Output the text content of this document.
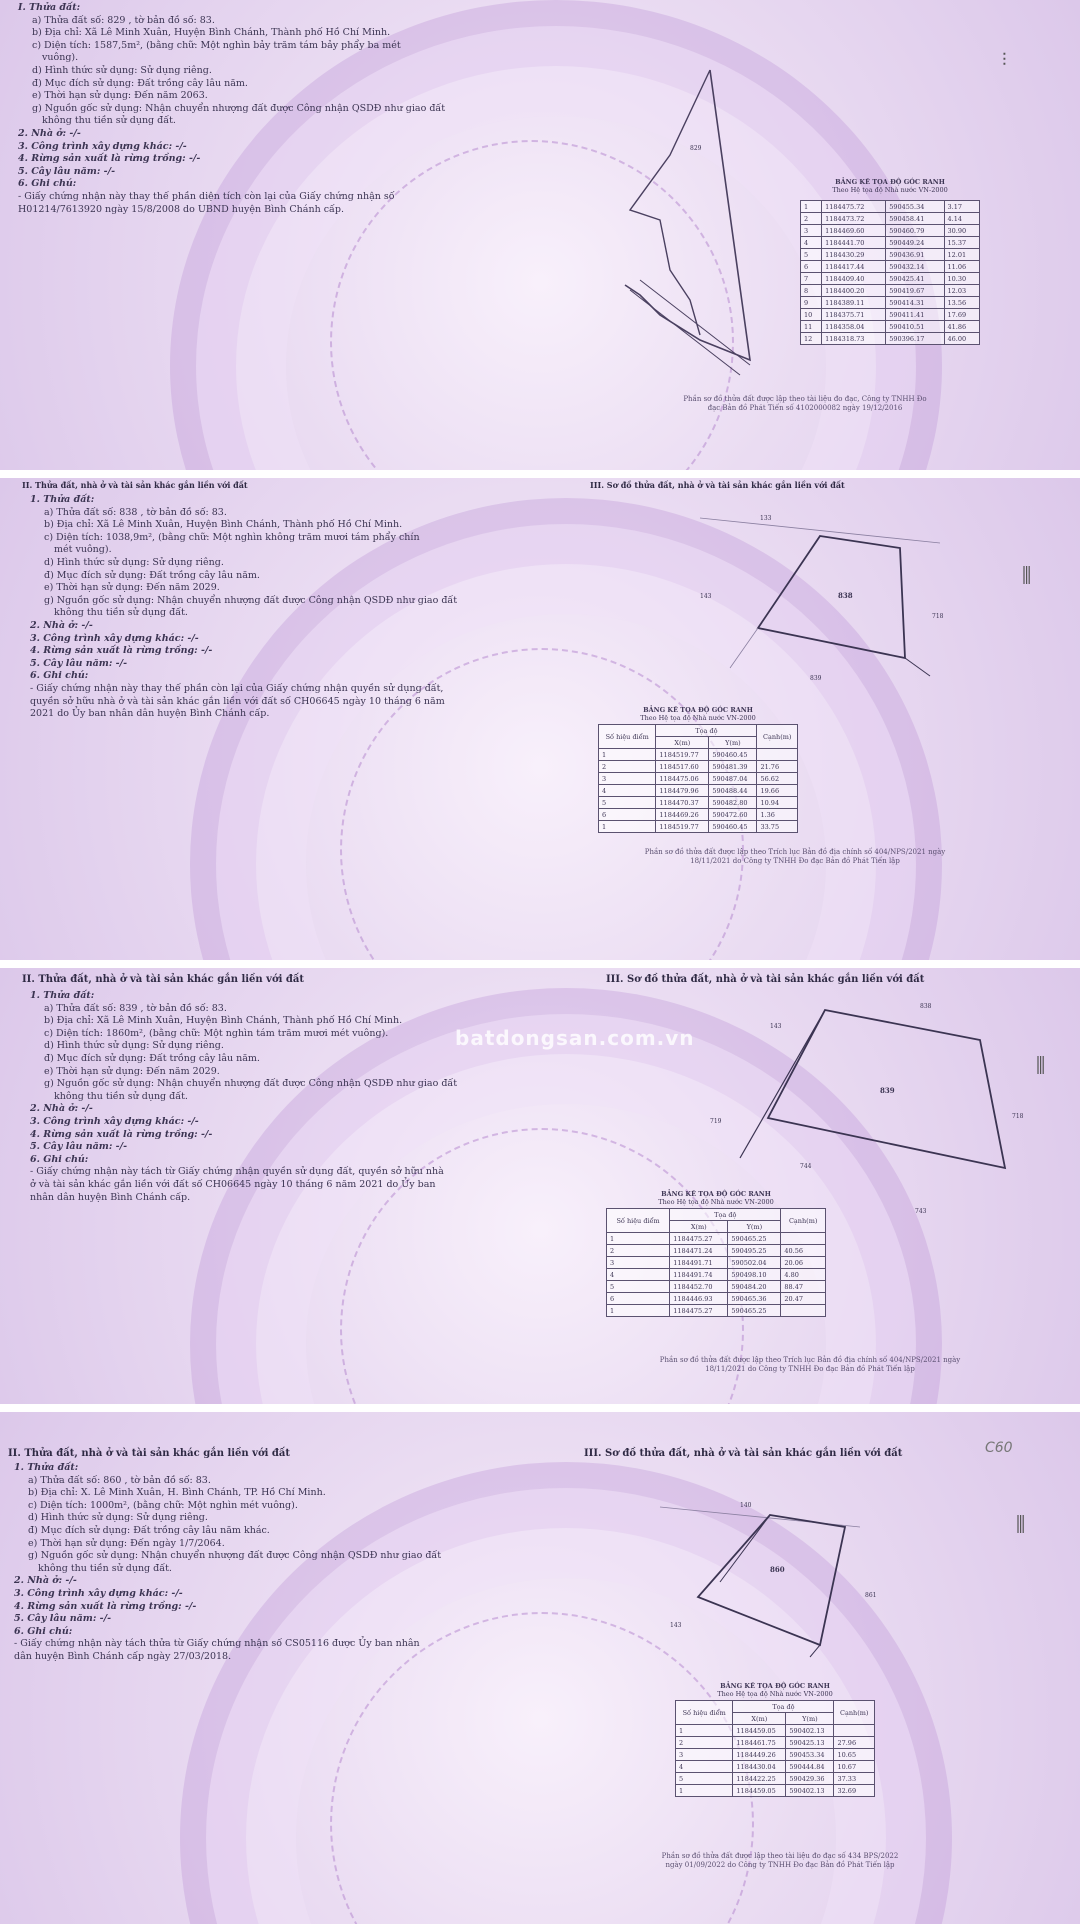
I. Thửa đất:
a) Thửa đất số: 829 , tờ bản đồ số: 83.
b) Địa chỉ: Xã Lê Minh Xuân, Huyện Bình Chánh, Thành phố Hồ Chí Minh.
c) Diện tích: 1587,5m², (bằng chữ: Một nghìn bảy trăm tám bảy phẩy ba mét
vuông).
d) Hình thức sử dụng: Sử dụng riêng.
đ) Mục đích sử dụng: Đất trồng cây lâu năm.
e) Thời hạn sử dụng: Đến năm 2063.
g) Nguồn gốc sử dụng: Nhận chuyển nhượng đất được Công nhận QSDĐ như giao đất
không thu tiền sử dụng đất.
2. Nhà ở: -/-
3. Công trình xây dựng khác: -/-
4. Rừng sản xuất là rừng trồng: -/-
5. Cây lâu năm: -/-
6. Ghi chú:
- Giấy chứng nhận này thay thế phần diện tích còn lại của Giấy chứng nhận số
H01214/7613920 ngày 15/8/2008 do UBND huyện Bình Chánh cấp.
829
BẢNG KÊ TỌA ĐỘ GÓC RANH
Theo Hệ tọa độ Nhà nước VN-2000
1	1184475.72	590455.34	3.17
2	1184473.72	590458.41	4.14
3	1184469.60	590460.79	30.90
4	1184441.70	590449.24	15.37
5	1184430.29	590436.91	12.01
6	1184417.44	590432.14	11.06
7	1184409.40	590425.41	10.30
8	1184400.20	590419.67	12.03
9	1184389.11	590414.31	13.56
10	1184375.71	590411.41	17.69
11	1184358.04	590410.51	41.86
12	1184318.73	590396.17	46.00
Phần sơ đồ thửa đất được lập theo tài liệu đo đạc, Công ty TNHH Đo đạc Bản đồ Phát Tiến số 4102000082 ngày 19/12/2016
⫶
II. Thửa đất, nhà ở và tài sản khác gắn liền với đất	III. Sơ đồ thửa đất, nhà ở và tài sản khác gắn liền với đất
1. Thửa đất:
a) Thửa đất số: 838 , tờ bản đồ số: 83.
b) Địa chỉ: Xã Lê Minh Xuân, Huyện Bình Chánh, Thành phố Hồ Chí Minh.
c) Diện tích: 1038,9m², (bằng chữ: Một nghìn không trăm mươi tám phẩy chín
mét vuông).
d) Hình thức sử dụng: Sử dụng riêng.
đ) Mục đích sử dụng: Đất trồng cây lâu năm.
e) Thời hạn sử dụng: Đến năm 2029.
g) Nguồn gốc sử dụng: Nhận chuyển nhượng đất được Công nhận QSDĐ như giao đất
không thu tiền sử dụng đất.
2. Nhà ở: -/-
3. Công trình xây dựng khác: -/-
4. Rừng sản xuất là rừng trồng: -/-
5. Cây lâu năm: -/-
6. Ghi chú:
- Giấy chứng nhận này thay thế phần còn lại của Giấy chứng nhận quyền sử dụng đất,
quyền sở hữu nhà ở và tài sản khác gắn liền với đất số CH06645 ngày 10 tháng 6 năm
2021 do Ủy ban nhân dân huyện Bình Chánh cấp.
838
133
143
718
839
BẢNG KÊ TỌA ĐỘ GÓC RANH
Theo Hệ tọa độ Nhà nước VN-2000
Số hiệu điểm	Tọa độ		Cạnh(m)
	X(m)	Y(m)	
1	1184519.77	590460.45	
2	1184517.60	590481.39	21.76
3	1184475.06	590487.04	56.62
4	1184479.96	590488.44	19.66
5	1184470.37	590482.80	10.94
6	1184469.26	590472.60	1.36
1	1184519.77	590460.45	33.75
Phần sơ đồ thửa đất được lập theo Trích lục Bản đồ địa chính số 404/NPS/2021 ngày 18/11/2021 do Công ty TNHH Đo đạc Bản đồ Phát Tiến lập
⫼
II. Thửa đất, nhà ở và tài sản khác gắn liền với đất	III. Sơ đồ thửa đất, nhà ở và tài sản khác gắn liền với đất
1. Thửa đất:
a) Thửa đất số: 839 , tờ bản đồ số: 83.
b) Địa chỉ: Xã Lê Minh Xuân, Huyện Bình Chánh, Thành phố Hồ Chí Minh.
c) Diện tích: 1860m², (bằng chữ: Một nghìn tám trăm mươi mét vuông).
d) Hình thức sử dụng: Sử dụng riêng.
đ) Mục đích sử dụng: Đất trồng cây lâu năm.
e) Thời hạn sử dụng: Đến năm 2029.
g) Nguồn gốc sử dụng: Nhận chuyển nhượng đất được Công nhận QSDĐ như giao đất
không thu tiền sử dụng đất.
2. Nhà ở: -/-
3. Công trình xây dựng khác: -/-
4. Rừng sản xuất là rừng trồng: -/-
5. Cây lâu năm: -/-
6. Ghi chú:
- Giấy chứng nhận này tách từ Giấy chứng nhận quyền sử dụng đất, quyền sở hữu nhà
ở và tài sản khác gắn liền với đất số CH06645 ngày 10 tháng 6 năm 2021 do Ủy ban
nhân dân huyện Bình Chánh cấp.
batdongsan.com.vn
839
143
838
719
718
744
743
BẢNG KÊ TỌA ĐỘ GÓC RANH
Theo Hệ tọa độ Nhà nước VN-2000
Số hiệu điểm	Tọa độ		Cạnh(m)
	X(m)	Y(m)	
1	1184475.27	590465.25	
2	1184471.24	590495.25	40.56
3	1184491.71	590502.04	20.06
4	1184491.74	590498.10	4.80
5	1184452.70	590484.20	88.47
6	1184446.93	590465.36	20.47
1	1184475.27	590465.25	
Phần sơ đồ thửa đất được lập theo Trích lục Bản đồ địa chính số 404/NPS/2021 ngày 18/11/2021 do Công ty TNHH Đo đạc Bản đồ Phát Tiến lập
⫼
II. Thửa đất, nhà ở và tài sản khác gắn liền với đất	III. Sơ đồ thửa đất, nhà ở và tài sản khác gắn liền với đất	C60
1. Thửa đất:
a) Thửa đất số: 860 , tờ bản đồ số: 83.
b) Địa chỉ: X. Lê Minh Xuân, H. Bình Chánh, TP. Hồ Chí Minh.
c) Diện tích: 1000m², (bằng chữ: Một nghìn mét vuông).
d) Hình thức sử dụng: Sử dụng riêng.
đ) Mục đích sử dụng: Đất trồng cây lâu năm khác.
e) Thời hạn sử dụng: Đến ngày 1/7/2064.
g) Nguồn gốc sử dụng: Nhận chuyển nhượng đất được Công nhận QSDĐ như giao đất
không thu tiền sử dụng đất.
2. Nhà ở: -/-
3. Công trình xây dựng khác: -/-
4. Rừng sản xuất là rừng trồng: -/-
5. Cây lâu năm: -/-
6. Ghi chú:
- Giấy chứng nhận này tách thửa từ Giấy chứng nhận số CS05116 được Ủy ban nhân
dân huyện Bình Chánh cấp ngày 27/03/2018.
140
860
143
861
BẢNG KÊ TỌA ĐỘ GÓC RANH
Theo Hệ tọa độ Nhà nước VN-2000
Số hiệu điểm	Tọa độ		Cạnh(m)
	X(m)	Y(m)	
1	1184459.05	590402.13	
2	1184461.75	590425.13	27.96
3	1184449.26	590453.34	10.65
4	1184430.04	590444.84	10.67
5	1184422.25	590429.36	37.33
1	1184459.05	590402.13	32.69
Phần sơ đồ thửa đất được lập theo tài liệu đo đạc số 434 BPS/2022 ngày 01/09/2022 do Công ty TNHH Đo đạc Bản đồ Phát Tiến lập
⫼
